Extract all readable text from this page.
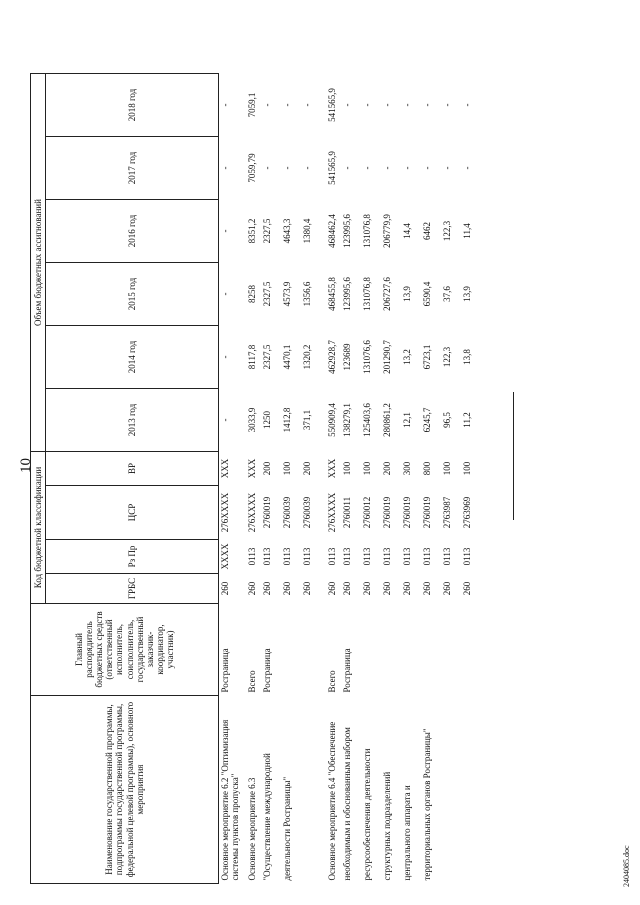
10
Наименование государственной программы, подпрограммы государственной программы, федеральной целевой программы), основного мероприятия	Главный распорядитель бюджетных средств (ответственный исполнитель, соисполнитель, государственный заказчик-координатор, участник)	Код бюджетной классификации				Объем бюджетных ассигнований					
		ГРБС	Рз Пр	ЦСР	ВР	2013 год	2014 год	2015 год	2016 год	2017 год	2018 год
Основное мероприятие 6.2 "Оптимизация системы пунктов пропуска"	Росграница	260	XXXX	276XXXX	XXX	-	-	-	-	-	-
Основное мероприятие 6.3	Всего	260	0113	276XXXX	XXX	3033,9	8117,8	8258	8351,2	7059,79	7059,1
"Осуществление международной	Росграница	260	0113	2760019	200	1250	2327,5	2327,5	2327,5	-	-
деятельности Росграницы"		260	0113	2760039	100	1412,8	4470,1	4573,9	4643,3	-	-
		260	0113	2760039	200	371,1	1320,2	1356,6	1380,4	-	-
Основное мероприятие 6.4 "Обеспечение	Всего	260	0113	276XXXX	XXX	550909,4	462928,7	468455,8	468462,4	541565,9	541565,9
необходимым и обоснованным набором	Росграница	260	0113	2760011	100	138279,1	123689	123995,6	123995,6	-	-
ресурсообеспечения деятельности		260	0113	2760012	100	125403,6	131076,6	131076,8	131076,8	-	-
структурных подразделений		260	0113	2760019	200	280861,2	201290,7	206727,6	206779,9	-	-
центрального аппарата и		260	0113	2760019	300	12,1	13,2	13,9	14,4	-	-
территориальных органов Росграницы"		260	0113	2760019	800	6245,7	6723,1	6590,4	6462	-	-
		260	0113	2763987	100	96,5	122,3	37,6	122,3	-	-
		260	0113	2763969	100	11,2	13,8	13,9	11,4	-	-
2404085.doc
